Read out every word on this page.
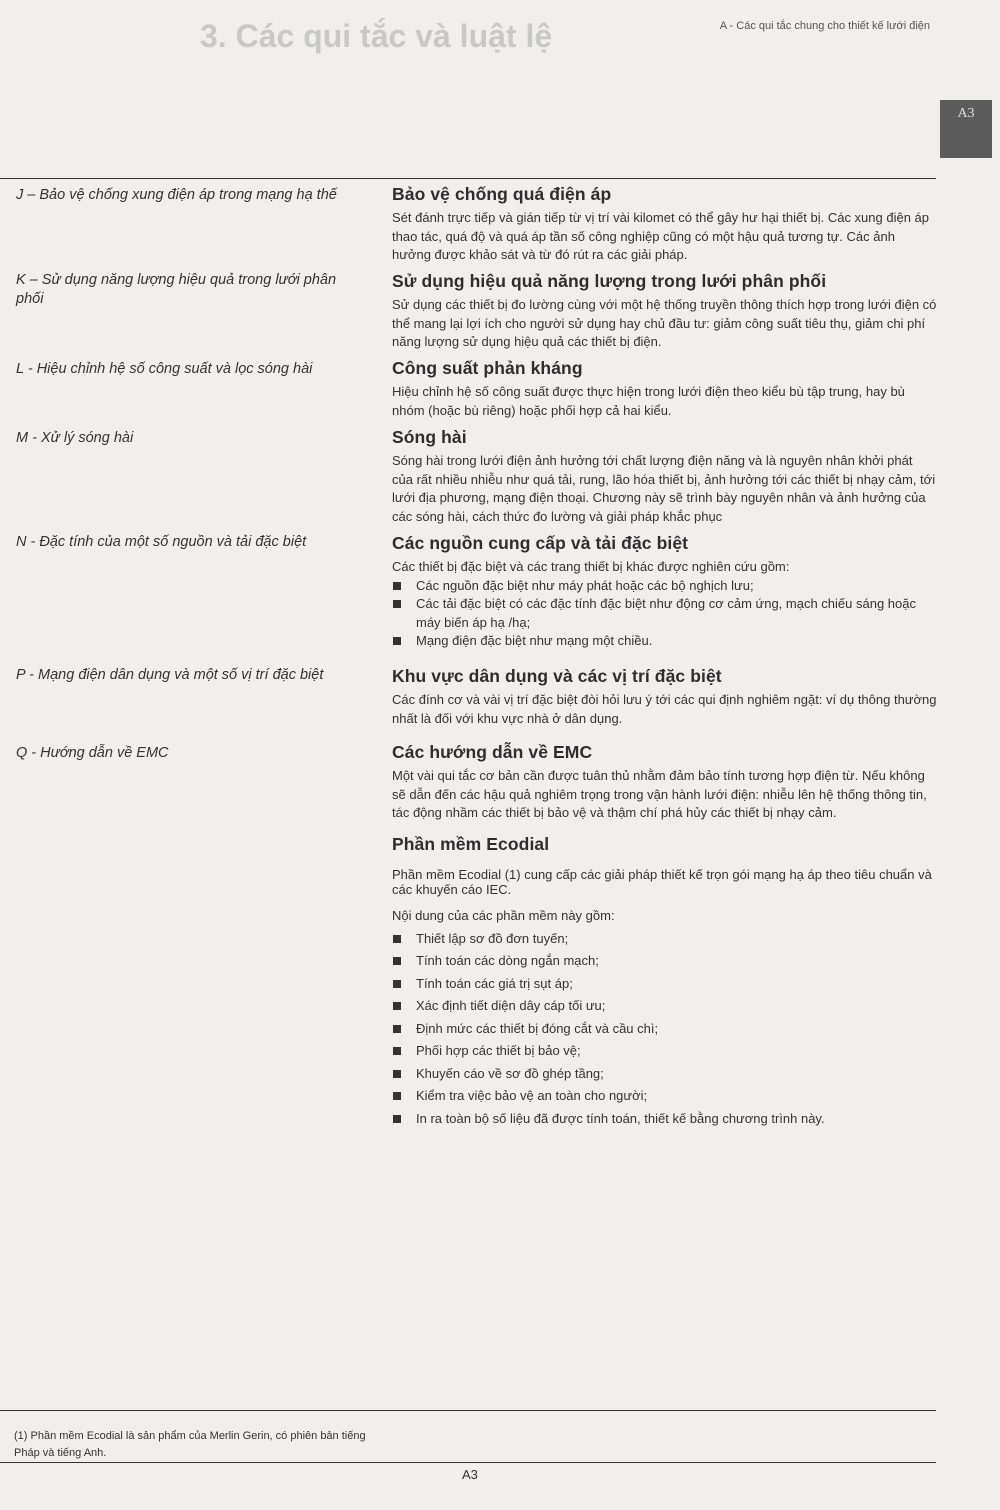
A - Các qui tắc chung cho thiết kế lưới điện
3. Các qui tắc và luật lệ
A3
J – Bảo vệ chống xung điện áp trong mạng hạ thế
K – Sử dụng năng lượng hiệu quả trong lưới phân phối
L - Hiệu chỉnh hệ số công suất và lọc sóng hài
M - Xử lý sóng hài
N - Đặc tính của một số nguồn và tải đặc biệt
P - Mạng điện dân dụng và một số vị trí đặc biệt
Q - Hướng dẫn về EMC
Bảo vệ chống quá điện áp

Sét đánh trực tiếp và gián tiếp từ vị trí vài kilomet có thể gây hư hại thiết bị. Các xung điện áp thao tác, quá độ và quá áp tần số công nghiệp cũng có một hậu quả tương tự. Các ảnh hưởng được khảo sát và từ đó rút ra các giải pháp.

Sử dụng hiệu quả năng lượng trong lưới phân phối

Sử dụng các thiết bị đo lường cùng với một hệ thống truyền thông thích hợp trong lưới điện có thể mang lại lợi ích cho người sử dụng hay chủ đầu tư: giảm công suất tiêu thụ, giảm chi phí năng lượng sử dụng hiệu quả các thiết bị điện.

Công suất phản kháng

Hiệu chỉnh hệ số công suất được thực hiện trong lưới điện theo kiểu bù tập trung, hay bù nhóm (hoặc bù riêng) hoặc phối hợp cả hai kiểu.

Sóng hài

Sóng hài trong lưới điện ảnh hưởng tới chất lượng điện năng và là nguyên nhân khởi phát của rất nhiều nhiễu như quá tải, rung, lão hóa thiết bị, ảnh hưởng tới các thiết bị nhạy cảm, tới lưới địa phương, mạng điện thoại. Chương này sẽ trình bày nguyên nhân và ảnh hưởng của các sóng hài, cách thức đo lường và giải pháp khắc phục

Các nguồn cung cấp và tải đặc biệt

Các thiết bị đặc biệt và các trang thiết bị khác được nghiên cứu gồm:

Các nguồn đặc biệt như máy phát hoặc các bộ nghịch lưu;
Các tải đặc biệt có các đặc tính đặc biệt như động cơ cảm ứng, mạch chiếu sáng hoặc máy biến áp hạ /hạ;
Mạng điện đặc biệt như mạng một chiều.
Khu vực dân dụng và các vị trí đặc biệt

Các đính cơ và vài vị trí đặc biệt đòi hỏi lưu ý tới các qui định nghiêm ngặt: ví dụ thông thường nhất là đối với khu vực nhà ở dân dụng.

Các hướng dẫn về EMC

Một vài qui tắc cơ bản cần được tuân thủ nhằm đảm bảo tính tương hợp điện từ. Nếu không sẽ dẫn đến các hậu quả nghiêm trọng trong vận hành lưới điện: nhiễu lên hệ thống thông tin, tác động nhầm các thiết bị bảo vệ và thậm chí phá hủy các thiết bị nhạy cảm.

Phần mềm Ecodial

Phần mềm Ecodial (1) cung cấp các giải pháp thiết kế trọn gói mạng hạ áp theo tiêu chuẩn và các khuyến cáo IEC.

Nội dung của các phần mềm này gồm:

Thiết lập sơ đồ đơn tuyến;
Tính toán các dòng ngắn mạch;
Tính toán các giá trị sụt áp;
Xác định tiết diện dây cáp tối ưu;
Định mức các thiết bị đóng cắt và cầu chì;
Phối hợp các thiết bị bảo vệ;
Khuyến cáo về sơ đồ ghép tầng;
Kiểm tra việc bảo vệ an toàn cho người;
In ra toàn bộ số liệu đã được tính toán, thiết kế bằng chương trình này.
(1) Phần mềm Ecodial là sản phẩm của Merlin Gerin, có phiên bản tiếng Pháp và tiếng Anh.
A3
